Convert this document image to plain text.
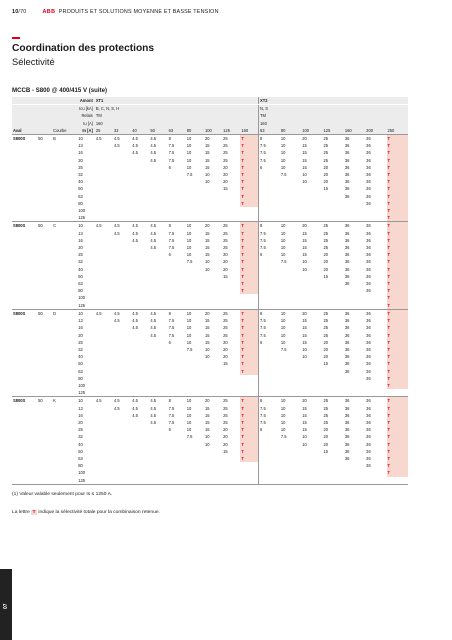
10/70	ABB PRODUITS ET SOLUTIONS MOYENNE ET BASSE TENSION
Coordination des protections
Sélectivité
MCCB - S800 @ 400/415 V (suite)
Amont				XT1									XT2						
Icu [kA]				B, C, N, S, H									N, S						
Relais				TM									TM						
Iu [A]				160									160						
Aval		Courbe	In [A]	25	32	40	50	63	80	100	125	160	63	80	100	125	160	200	250
S800S	50	B	10	4.5	4.5	4.5	4.5	8	10	20	25	T	8	10	20	25	36	36	T
			13		4.5	4.5	4.5	7.5	10	15	25	T	7.5	10	15	25	36	36	T
			16			4.5	4.5	7.5	10	15	25	T	7.5	10	15	25	36	36	T
			20				4.5	7.5	10	15	25	T	7.5	10	15	25	36	36	T
			25					6	10	15	20	T	6	10	15	20	36	36	T
			32						7.5	10	20	T		7.5	10	20	36	36	T
			40							10	20	T			10	20	36	36	T
			50								15	T				15	36	36	T
			63									T					36	36	T
			80									T						36	T
			100																T
			125																T
S800S	50	C	10	4.5	4.5	4.5	4.5	8	10	20	25	T	8	10	20	25	36	36	T
			13		4.5	4.5	4.5	7.5	10	15	25	T	7.5	10	15	25	36	36	T
			16			4.5	4.5	7.5	10	15	25	T	7.5	10	15	25	36	36	T
			20				4.5	7.5	10	15	25	T	7.5	10	15	25	36	36	T
			25					6	10	15	20	T	6	10	15	20	36	36	T
			32						7.5	10	20	T		7.5	10	20	36	36	T
			40							10	20	T			10	20	36	36	T
			50								15	T				15	36	36	T
			63									T					36	36	T
			80									T						36	T
			100																T
			125																T
S800S	50	D	10	4.5	4.5	4.5	4.5	8	10	20	25	T	8	10	20	25	36	36	T
			13		4.5	4.5	4.5	7.5	10	15	25	T	7.5	10	15	25	36	36	T
			16			4.5	4.5	7.5	10	15	25	T	7.5	10	15	25	36	36	T
			20				4.5	7.5	10	15	25	T	7.5	10	15	25	36	36	T
			25					6	10	15	20	T	6	10	15	20	36	36	T
			32						7.5	10	20	T		7.5	10	20	36	36	T
			40							10	20	T			10	20	36	36	T
			50								15	T				15	36	36	T
			63									T					36	36	T
			80															36	T
			100																T
			125																
S800S	50	K	10	4.5	4.5	4.5	4.5	8	10	20	25	T	8	10	20	25	36	36	T
			13		4.5	4.5	4.5	7.5	10	15	25	T	7.5	10	15	25	36	36	T
			16			4.5	4.5	7.5	10	15	25	T	7.5	10	15	25	36	36	T
			20				4.5	7.5	10	15	25	T	7.5	10	15	25	36	36	T
			25					6	10	15	20	T	6	10	15	20	36	36	T
			32						7.5	10	20	T		7.5	10	20	36	36	T
			40							10	20	T			10	20	36	36	T
			50								15	T				15	36	36	T
			63									T					36	36	T
			80															36	T
			100																T
			125																
(1) Valeur valable seulement pour Is ≤ 1250 A.
La lettre T indique la sélectivité totale pour la combinaison retenue.
07
